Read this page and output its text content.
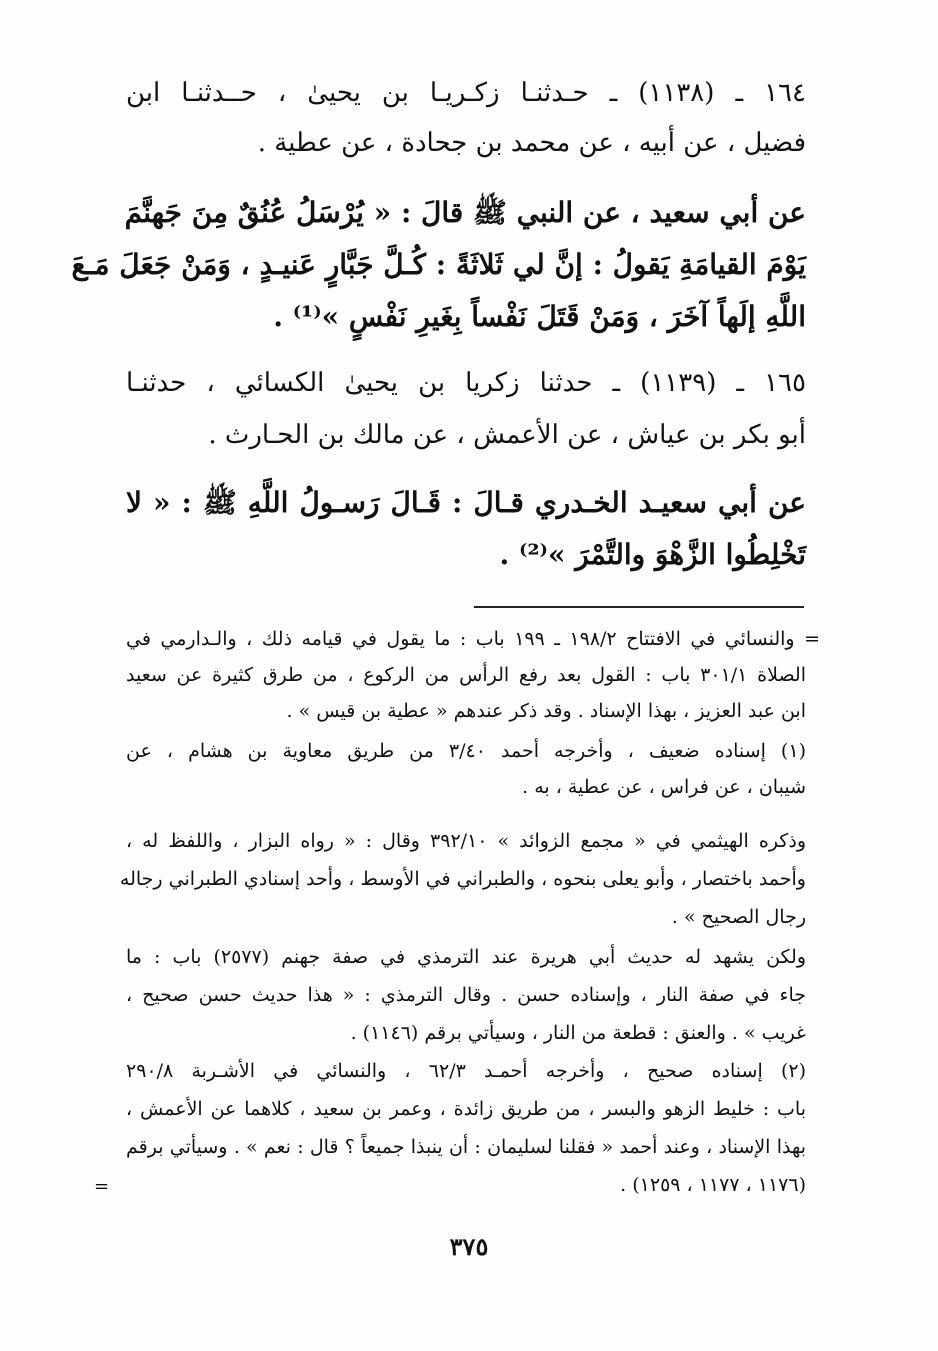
١٦٤ ـ (١١٣٨) ـ حـدثنـا زكـريـا بن يحيىٰ ، حــدثنـا ابن
فضيل ، عن أبيه ، عن محمد بن جحادة ، عن عطية .
عن أبي سعيد ، عن النبي ﷺ قالَ : « يُرْسَلُ عُنُقٌ مِنَ جَهنَّمَ
يَوْمَ القيامَةِ يَقولُ : إنَّ لي ثَلاثَةً : كُـلَّ جَبَّارٍ عَنيـدٍ ، وَمَنْ جَعَلَ مَـعَ
اللَّهِ إلَهاً آخَرَ ، وَمَنْ قَتَلَ نَفْساً بِغَيرِ نَفْسٍ »⁽¹⁾ .
١٦٥ ـ (١١٣٩) ـ حدثنا زكريا بن يحيىٰ الكسائي ، حدثنـا
أبو بكر بن عياش ، عن الأعمش ، عن مالك بن الحـارث .
عن أبي سعيـد الخـدري قـالَ : قَـالَ رَسـولُ اللَّهِ ﷺ : « لا
تَخْلِطُوا الزَّهْوَ والتَّمْرَ »⁽²⁾ .
= والنسائي في الافتتاح ١٩٨/٢ ـ ١٩٩ باب : ما يقول في قيامه ذلك ، والـدارمي في
الصلاة ٣٠١/١ باب : القول بعد رفع الرأس من الركوع ، من طرق كثيرة عن سعيد
ابن عبد العزيز ، بهذا الإسناد . وقد ذكر عندهم « عطية بن قيس » .
(١) إسناده ضعيف ، وأخرجه أحمد ٣/٤٠ من طريق معاوية بن هشام ، عن
شيبان ، عن فراس ، عن عطية ، به .
وذكره الهيثمي في « مجمع الزوائد » ٣٩٢/١٠ وقال : « رواه البزار ، واللفظ له ،
وأحمد باختصار ، وأبو يعلى بنحوه ، والطبراني في الأوسط ، وأحد إسنادي الطبراني رجاله
رجال الصحيح » .
ولكن يشهد له حديث أبي هريرة عند الترمذي في صفة جهنم (٢٥٧٧) باب : ما
جاء في صفة النار ، وإسناده حسن . وقال الترمذي : « هذا حديث حسن صحيح ،
غريب » . والعنق : قطعة من النار ، وسيأتي برقم (١١٤٦) .
(٢) إسناده صحيح ، وأخرجه أحمـد ٦٢/٣ ، والنسائي في الأشـربة ٢٩٠/٨
باب : خليط الزهو والبسر ، من طريق زائدة ، وعمر بن سعيد ، كلاهما عن الأعمش ،
بهذا الإسناد ، وعند أحمد « فقلنا لسليمان : أن ينبذا جميعاً ؟ قال : نعم » . وسيأتي برقم
(١١٧٦ ، ١١٧٧ ، ١٢٥٩) .
=
٣٧٥
